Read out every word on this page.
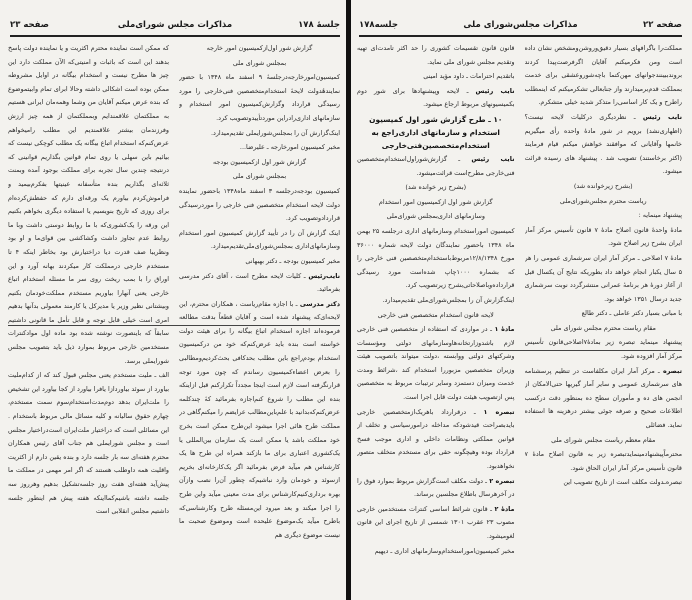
جلسهٔ ۱۷۸
مذاکرات مجلس شورای‌ملی
صفحه ۲۳

گزارش شور اول‌ازکمیسیون امور خارجه

بمجلس شورای ملی

کمیسیون‌امورخارجه‌درجلسهٔ ۹ اسفند ماه ۱۳۴۸ با حضور نمایندهٔدولت لایحهٔ استخدام‌متخصصین فنی‌خارجی را مورد رسیدگی قرارداد وگزارش‌کمیسیون امور استخدام و سازمانهای اداری‌رادراین موردتأییدوتصویب کرد.

اینک‌گزارش آن را بمجلس‌شورایملی تقدیم‌میدارد.

مخبر کمیسیون امورخارجه ـ علیرضا...

گزارش شور اول از‌کمیسیون بودجه

بمجلس شورای ملی

کمیسیون بودجه‌درجلسه ۳ اسفند ماه۱۳۴۸ باحضور نماینده دولت لایحه استخدام متخصصین فنی خارجی را موردرسیدگی قراردادوتصویب کرد.

اینک گزارش آن را در تأیید گزارش کمیسیون امور استخدام وسازمانهای‌اداری بمجلس‌شورای‌ملی‌تقدیم‌میدارد.

مخبر کمیسیون بودجه ـ دکتر بهبهانی

نایب‌رئیس ـ کلیات لایحه مطرح است ، آقای دکتر مدرسی بفرمائید.

دکتر مدرسی ـ با اجازه مقام‌ریاست ، همکاران محترم، این لایحه‌ای‌که پیشنهاد شده است و آقایان قطعاً بدقت مطالعه فرموده‌اند اجازه استخدام اتباع بیگانه را برای هیئت دولت خواسته است بنده باید عرض‌کنم‌که خود من درکمیسیون استخدام بودم‌راجع باین مطلب بحدکافی بحث‌کردیم‌ومطالبی را بعرض اعضاءکمیسیون رساندم که چون مورد توجه قرارنگرفته است لازم است اینجا مجدداً تکرارکنم قبل ازاینکه بنده این مطلب را شروع کنم‌اجازه بفرمائید کهٔ چندکلمه عرض‌کنم‌که‌بدانید با علم‌باین‌مطالب عرایضم را میکنم‌گاهی در مملکت طرح هائی اجرا میشود این‌طرح ممکن است بخرج خود مملکت باشد یا ممکن است یک سازمان بین‌المللی یا یک‌کشوری اعتباری برای ما بازکند همراه این طرح ها یک کارشناس هم میآید فرض بفرمائید اگر یک‌کارخانه‌ای بخریم ازسوئد و خودمان وارد نباشیم‌که چطور آن‌را نصب وازآن بهره برداری‌کنیم‌کارشناس برای مدت معینی میآید واین طرح را اجرا میکند و بعد میرود این‌مسئله طرح وکارشناسی‌که باطرح میآید یک‌موضوع علیحده است وموضوع صحبت ما نیست موضوع دیگری هم

که ممکن است نماینده محترم اکثریت و یا نماینده دولت پاسخ بدهند این است که باثبات و امنیتی‌که الآن مملکت دارد این چیز ها مطرح نیست و استخدام بیگانه در اوایل مشروطه ممکن بوده است اشکالی داشته وحالا ابرای تمام وابیتموضوع که بنده عرض میکنم آقایان من وشما وهمه‌مان ایرانی هستیم به مملکتمان علاقمندایم وبمملکتمان از همه چیز ارزش وفرزندمان بیشتر علاقمندیم این مطلب رامیخواهم عرض‌کنم‌که استخدام اتباع بیگانه یک مطلب کوچکی نیست که بیائیم باین سهلی یا روی تمام قوانین بگذاریم قوانینی که درنتیجه چندین سال تجربه برای مملکت بوجود آمده وبمنت ثلاثه‌ای بگذاریم بنده متأسفانه عینیتها بفکرم‌بیمید و فراموش‌کردم بیاورم یک ورقه‌ای دارم که حفظش‌کرده‌ام برای روزی که تاریخ بنویسیم یا استفاده دیگری بخواهم بکنیم این ورقه را یک‌کشوری‌که با ما روابط دوستی داشت وبا ما روابط عدم تجاوز داشت وکشاکشی بین قوای‌ما و او بود ونظریبا صف قدرت دیا دراختیارش بود بخاطر اینکه ۴ تا مستخدم خارجی درمملکت کار میکردند بهانه آورد و این اوراق را با بمب ریخت روی سر ما مسئله استخدام اتباع خارجی یعنی آنهارا بیاوریم مستخدم مملکت‌خودمان بکنیم وبیشتانی نظیر وزیر یا مدیرکل یا کارمند معمولی بدآنها بدهیم امری است خیلی قابل توجه و قابل تأمل ما قانونی داشتیم سابقاً که باینصورت نوشته شده بود ماده اول موادکنترات مستخدمین خارجی مربوط بموارد ذیل باید بتصویب مجلس شورایملی برسد.

الف ـ ملیت مستخدم یعنی مجلس قبول کند که از کدام‌ملیت بیاورد از سوئد بیاورد‌ازا یافرا بیاورد از کجا بیاورد این تشخیص را ملت‌ایران بدهد دوم‌مدت‌استخدام‌سوم سمت مستخدم، چهارم حقوق سالیانه و کلیه مسائل مالی مربوط باستخدام . این مسائلی است که دراختیار ملت‌ایران است‌دراختیار مجلس است و مجلس شورایملی هم جناب آقای رئیس همکاران محترم هفته‌ای سه بار جلسه دارد و بنده یقین دارم از اکثریت واقلیت همه داوطلب هستند که اگر امر مهمی در مملکت ما پیش‌آید هفته‌ای هفت روز جلسه‌تشکیل بدهیم وهرروز سه جلسه داشته باشیم‌کمااینکه هفته پیش هم اینطور جلسه داشتیم مجلس انقلابی است

صفحه ۲۲
مذاکرات مجلس‌شورای ملی
جلسه۱۷۸

مملکت‌را باگرافهای بسیار دقیق‌وروشن‌ومشخص نشان داده است ومن فکرمیکنم آقایان اگرفرصت‌پیدا کردند بروندببینندجوانهای مهن‌کتما باچه‌شوروعشقی برای خدمت بمملکت قدم‌برمیدارند واز جنابعالی تشکرمیکنم که اینمطلب راطرح و یک کار اساسی‌را متذکر شدید خیلی متشکرم.

نایب رئیس ـ نظردیگری درکلیات لایحه نیست؟ (اظهاری‌نشد) برویم در شور مادهٔ واحده رأی میگیریم خانمها وآقایانی که موافقند خواهش میکنم قیام فرمایند (اکثر برخاستند) تصویب شد . پیشنهاد های رسیده قرائت میشود.

(بشرح زیرخوانده شد)

ریاست محترم مجلس‌شورای‌ملی

پیشنهاد مینمایه :

مادهٔ واحدهٔ قانون اصلاح مادهٔ ۷ قانون تأسیس مرکز آمار ایران بشرح زیر اصلاح شود.

مادهٔ ۷ اصلاحی ـ مرکز آمار ایران سرشماری عمومی را هر ۵ سال یکبار انجام خواهد داد بطوریکه نتایج آن یکسال قبل از آغاز دورهٔ هر برنامهٔ عمرانی منتشرگردد نوبت سرشماری جدید درسال ۱۳۵۱ خواهد بود.

با مبانی بسیار دکتر عاملی ـ دکتر طالع

مقام ریاست محترم مجلس شورای ملی

پیشنهاد مینماید تبصره زیر بمادهٔ۷اصلاحی‌قانون تأسیس مرکز آمار افزوده شود.

تبصره ـ مرکز آمار ایران مکلفاست در تنظیم پرسشنامه های سرشماری عمومی و سایر آمار گیریها حتی‌الامکان از انجمن های ده و مأموران سطح ده بمنظور دقت درکسب اطلاعات صحیح و صرفه جوئی بیشتر درهزینه ها استفاده نماید. فضائلی

مقام معظم ریاست مجلس شورای ملی

محترماًپیشنهادمینمایدتبصره زیر به قانون اصلاح مادهٔ ۷ قانون تأسیس مرکز آمار ایران الحاق شود.

تبصره‌ـدولت مکلف است از تاریخ تصویب این

قانون قانون تقسیمات کشوری را حد اکثر تامدت‌ای تهیه وتقدیم مجلس شورای ملی نماید.

باتقدیم احترامات ـ داود مؤید امینی

نایب رئیس ـ لایحه وپیشنهادها برای شور دوم بکمیسیونهای مربوط ارجاع میشود.

۱۰ ـ طرح گزارش شور اول کمیسیون استخدام و سازمانهای اداری‌راجع به استخدام‌متخصصین‌فنی‌خارجی

نایب رئیس ـ گزارش‌شوراول‌استخدام‌متخصصین فنی‌خارجی مطرح‌است قرائت‌میشود.

(بشرح زیر خوانده شد)

گزارش شور اول ازکمیسیون امور استخدام

وسازمانهای اداری‌بمجلس شورای‌ملی

کمیسیون امور‌استخدام وسازمانهای اداری درجلسه ۲۵ بهمن ماه ۱۳۴۸ باحضور نمایندگان دولت لایحه شماره ۳۶۰۰۰ مورخ ۱۲/۸/۱۳۴۸مربوط‌باستخدام‌متخصصین فنی خارجی را که بشماره ۱۰۰۰چاپ شده‌است مورد رسیدگی قرارداده‌و‌باصلاحاتی‌بشرح زیر‌تصویب کرد.

اینک‌گزارش آن را بمجلس‌شورای‌ملی تقدیم‌میدارد.

لایحه قانون استخدام متخصصین فنی خارجی

مادهٔ ۱ ـ در مواردی که استفاده از متخصصین فنی خارجی لازم باشدوزارتخانه‌هاوسازمانهای دولتی ومؤسسات وشرکتهای دولتی ووابسته ،دولت میتواند باتصویب هیئت وزیران متخصصین مزبوررا استخدام کند ،شرائط ومدت خدمت ومیزان دستمزد وسایر ترتیبات مربوط به متخصصین پس ازتصویب هیئت دولت قابل اجرا است.

تبصره ۱ ـ درقرارداد باهریک‌ازمتخصصین خارجی بایدبصراحت قیدشودکه مداخله درامورسیاسی و تخلف از قوانین مملکتی ونظامات داخلی و اداری موجب فسخ قرارداد بوده وهیچگونه حقی برای مستخدم متخلف متصور نخواهدبود.

تبصره ۲ ـ دولت مکلف است‌گزارش مربوط بموارد فوق را در آخرهرسال باطلاع مجلسین برساند.

مادهٔ ۲ ـ قانون شرائط اساسی کنترات مستخدمین خارجی مصوب ۲۳ عقرب ۱۳۰۱ شمسی از تاریخ اجرای این قانون لغومیشود.

مخبر کمیسیون‌امور‌استخدام‌وسازمانهای اداری ـ دیهیم
